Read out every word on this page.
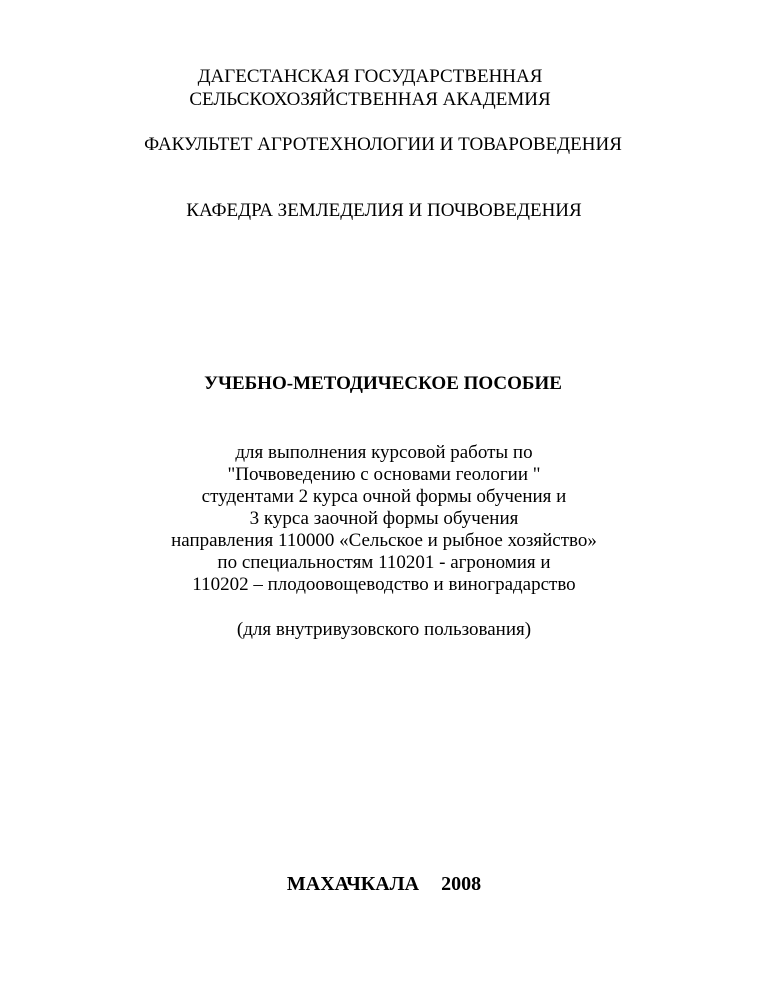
ДАГЕСТАНСКАЯ ГОСУДАРСТВЕННАЯ
СЕЛЬСКОХОЗЯЙСТВЕННАЯ АКАДЕМИЯ
ФАКУЛЬТЕТ АГРОТЕХНОЛОГИИ И ТОВАРОВЕДЕНИЯ
КАФЕДРА ЗЕМЛЕДЕЛИЯ И ПОЧВОВЕДЕНИЯ
УЧЕБНО-МЕТОДИЧЕСКОЕ ПОСОБИЕ
для выполнения курсовой работы по
"Почвоведению с основами геологии "
студентами 2 курса очной формы обучения и
3 курса заочной формы обучения
направления 110000 «Сельское и рыбное хозяйство»
по специальностям 110201 - агрономия и
110202 – плодоовощеводство и виноградарство
(для внутривузовского пользования)
МАХАЧКАЛА 2008
